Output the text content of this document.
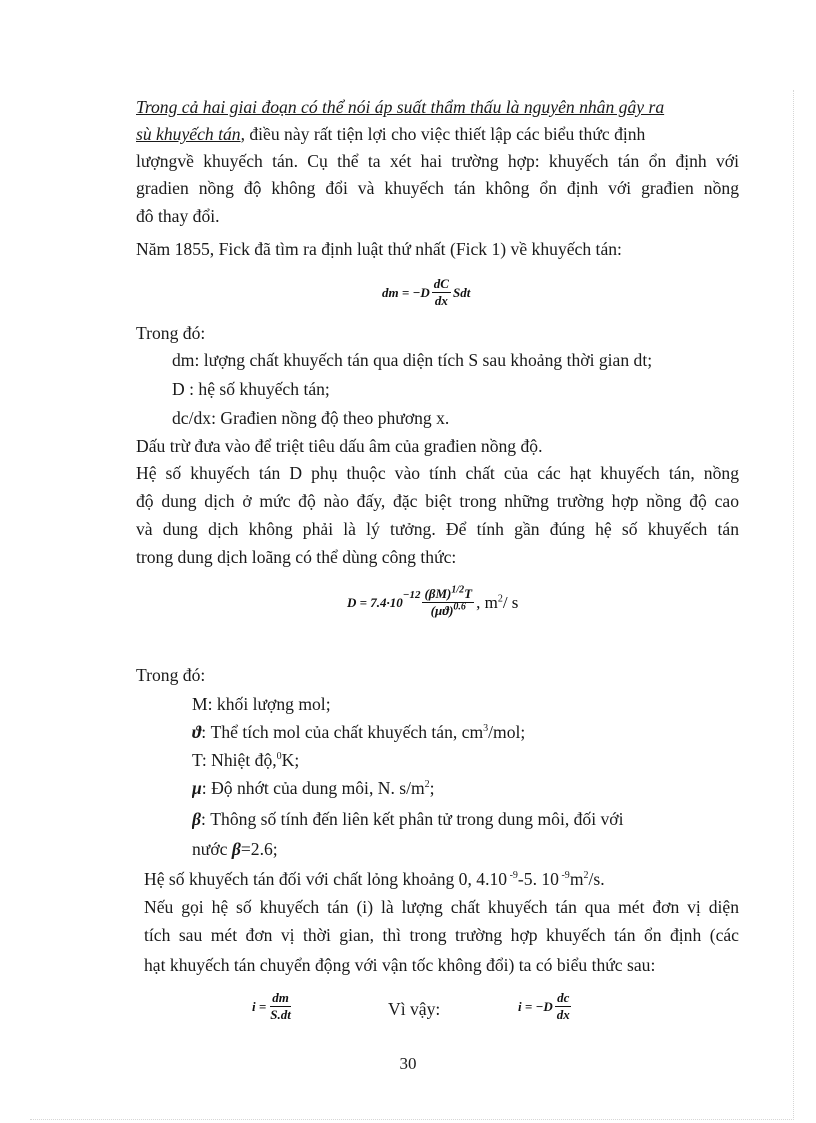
Trong cả hai giai đoạn có thể nói áp suất thẩm thấu là nguyên nhân gây ra
sù khuyếch tán, điều này rất tiện lợi cho việc thiết lập các biểu thức định
lượngvề khuyếch tán. Cụ thể ta xét hai trường hợp: khuyếch tán ổn định với
gradien nồng độ không đổi và khuyếch tán không ổn định với građien nồng
đô thay đổi.
Năm 1855, Fick đã tìm ra định luật thứ nhất (Fick 1) về khuyếch tán:
dm = $-D \frac{dC}{dx}$ Sdt
Trong đó:
dm: lượng chất khuyếch tán qua diện tích S sau khoảng thời gian dt;
D : hệ số khuyếch tán;
dc/dx: Građien nồng độ theo phương x.
Dấu trừ đưa vào để triệt tiêu dấu âm của građien nồng độ.
Hệ số khuyếch tán D phụ thuộc vào tính chất của các hạt khuyếch tán, nồng
độ dung dịch ở mức độ nào đấy, đặc biệt trong những trường hợp nồng độ cao
và dung dịch không phải là lý tưởng. Để tính gần đúng hệ số khuyếch tán
trong dung dịch loãng có thể dùng công thức:
$D = 7.4\cdot 10 -12 \frac{(\beta M)^{1/2}T}{(\mu ϑ)^{0.6}}$ , $m^2/$ s
Trong đó:
M: khối lượng mol;
ϑ: Thể tích mol của chất khuyếch tán, $cm^3$/mol;
T: Nhiệt độ,$^0$K;
μ: Độ nhớt của dung môi, N. $s/m^2$;
β: Thông số tính đến liên kết phân tử trong dung môi, đối với
nước β=2.6;
Hệ số khuyếch tán đối với chất lỏng khoảng 0, 4.10 $^{-9}$-5. 10 $^{-9}m^2/s$.
Nếu gọi hệ số khuyếch tán (i) là lượng chất khuyếch tán qua mét đơn vị diện
tích sau mét đơn vị thời gian, thì trong trường hợp khuyếch tán ổn định (các
hạt khuyếch tán chuyển động với vận tốc không đổi) ta có biểu thức sau:
$i = \frac{dm}{S.dt}$	Vì vậy:	$i = -D \frac{dc}{dx}$
30
